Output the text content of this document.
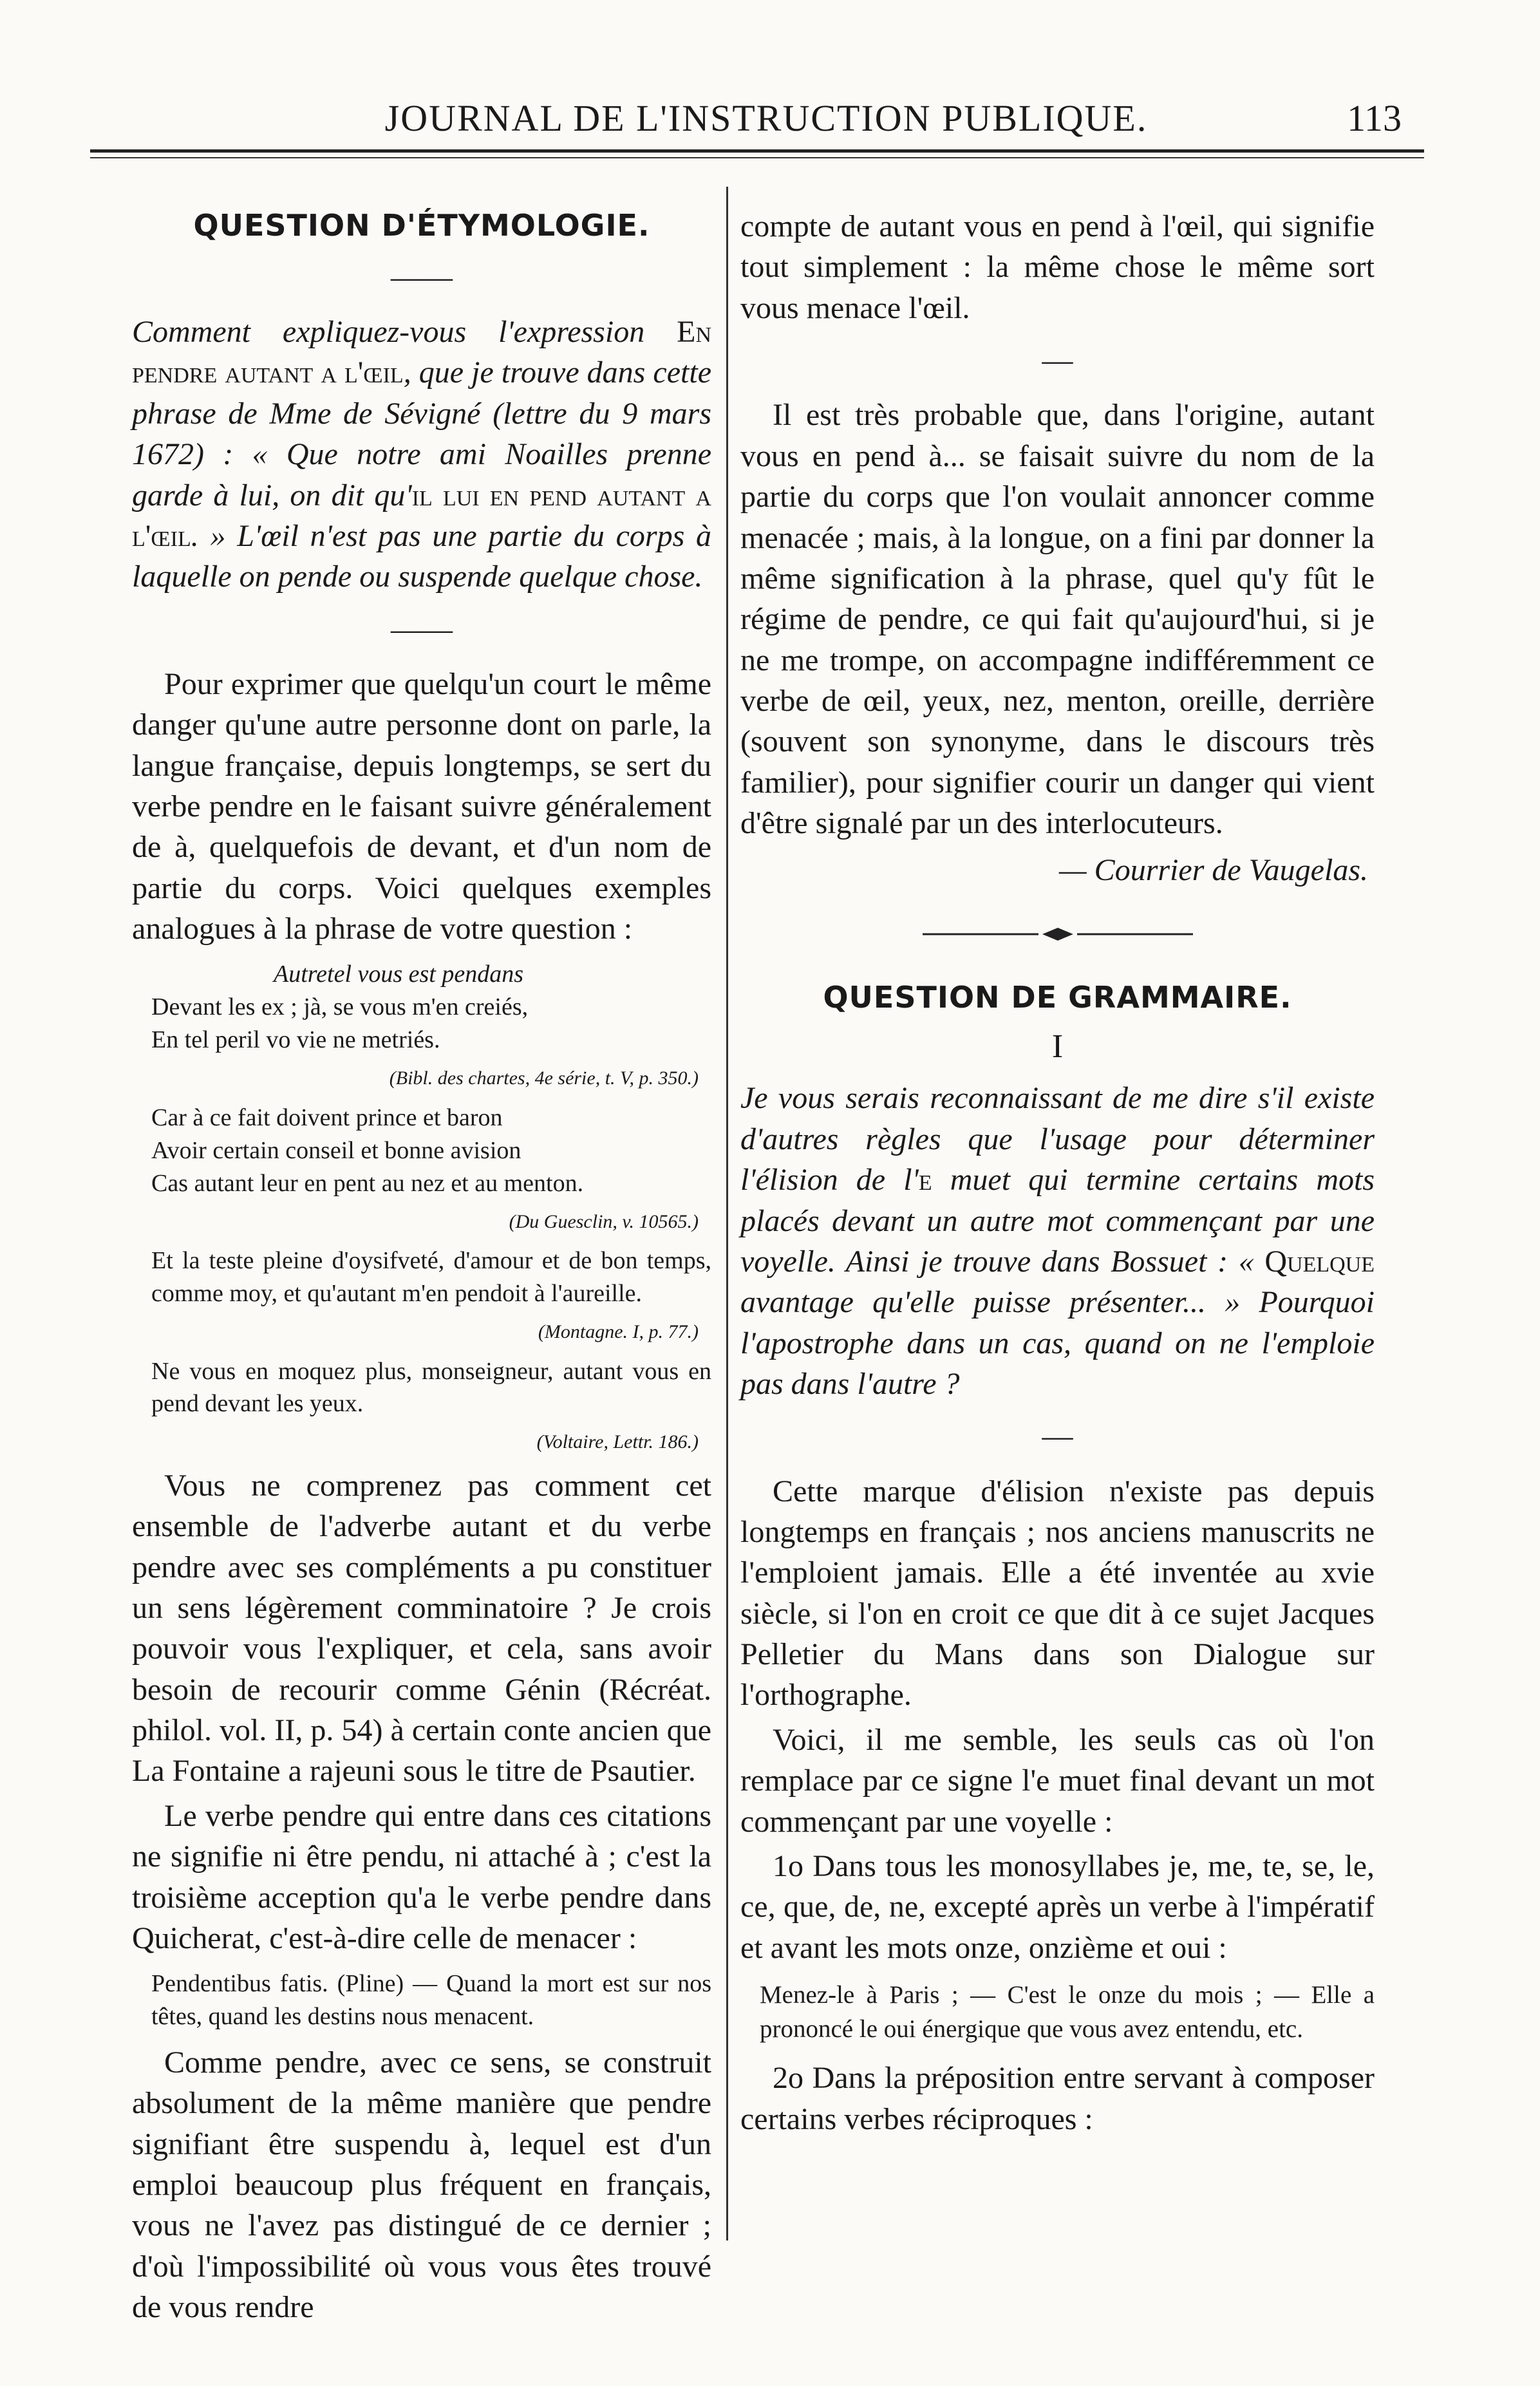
JOURNAL DE L'INSTRUCTION PUBLIQUE.	113
QUESTION D'ÉTYMOLOGIE.
——
Comment expliquez-vous l'expression En pendre autant a l'œil, que je trouve dans cette phrase de Mme de Sévigné (lettre du 9 mars 1672) : « Que notre ami Noailles prenne garde à lui, on dit qu'il lui en pend autant a l'œil. » L'œil n'est pas une partie du corps à laquelle on pende ou suspende quelque chose.
——

Pour exprimer que quelqu'un court le même danger qu'une autre personne dont on parle, la langue française, depuis longtemps, se sert du verbe pendre en le faisant suivre généralement de à, quelquefois de devant, et d'un nom de partie du corps. Voici quelques exemples analogues à la phrase de votre question :

Autretel vous est pendans
Devant les ex ; jà, se vous m'en creiés,
En tel peril vo vie ne metriés.
(Bibl. des chartes, 4e série, t. V, p. 350.)
Car à ce fait doivent prince et baron
Avoir certain conseil et bonne avision
Cas autant leur en pent au nez et au menton.
(Du Guesclin, v. 10565.)
Et la teste pleine d'oysifveté, d'amour et de bon temps, comme moy, et qu'autant m'en pendoit à l'aureille.
(Montagne. I, p. 77.)
Ne vous en moquez plus, monseigneur, autant vous en pend devant les yeux.
(Voltaire, Lettr. 186.)

Vous ne comprenez pas comment cet ensemble de l'adverbe autant et du verbe pendre avec ses compléments a pu constituer un sens légèrement comminatoire ? Je crois pouvoir vous l'expliquer, et cela, sans avoir besoin de recourir comme Génin (Récréat. philol. vol. II, p. 54) à certain conte ancien que La Fontaine a rajeuni sous le titre de Psautier.

Le verbe pendre qui entre dans ces citations ne signifie ni être pendu, ni attaché à ; c'est la troisième acception qu'a le verbe pendre dans Quicherat, c'est-à-dire celle de menacer :

Pendentibus fatis. (Pline) — Quand la mort est sur nos têtes, quand les destins nous menacent.

Comme pendre, avec ce sens, se construit absolument de la même manière que pendre signifiant être suspendu à, lequel est d'un emploi beaucoup plus fréquent en français, vous ne l'avez pas distingué de ce dernier ; d'où l'impossibilité où vous vous êtes trouvé de vous rendre

compte de autant vous en pend à l'œil, qui signifie tout simplement : la même chose le même sort vous menace l'œil.

—

Il est très probable que, dans l'origine, autant vous en pend à... se faisait suivre du nom de la partie du corps que l'on voulait annoncer comme menacée ; mais, à la longue, on a fini par donner la même signification à la phrase, quel qu'y fût le régime de pendre, ce qui fait qu'aujourd'hui, si je ne me trompe, on accompagne indifféremment ce verbe de œil, yeux, nez, menton, oreille, derrière (souvent son synonyme, dans le discours très familier), pour signifier courir un danger qui vient d'être signalé par un des interlocuteurs.

— Courrier de Vaugelas.
QUESTION DE GRAMMAIRE.
I
Je vous serais reconnaissant de me dire s'il existe d'autres règles que l'usage pour déterminer l'élision de l'e muet qui termine certains mots placés devant un autre mot commençant par une voyelle. Ainsi je trouve dans Bossuet : « Quelque avantage qu'elle puisse présenter... » Pourquoi l'apostrophe dans un cas, quand on ne l'emploie pas dans l'autre ?
—

Cette marque d'élision n'existe pas depuis longtemps en français ; nos anciens manuscrits ne l'emploient jamais. Elle a été inventée au xvie siècle, si l'on en croit ce que dit à ce sujet Jacques Pelletier du Mans dans son Dialogue sur l'orthographe.

Voici, il me semble, les seuls cas où l'on remplace par ce signe l'e muet final devant un mot commençant par une voyelle :

1o Dans tous les monosyllabes je, me, te, se, le, ce, que, de, ne, excepté après un verbe à l'impératif et avant les mots onze, onzième et oui :

Menez-le à Paris ; — C'est le onze du mois ; — Elle a prononcé le oui énergique que vous avez entendu, etc.

2o Dans la préposition entre servant à composer certains verbes réciproques :
